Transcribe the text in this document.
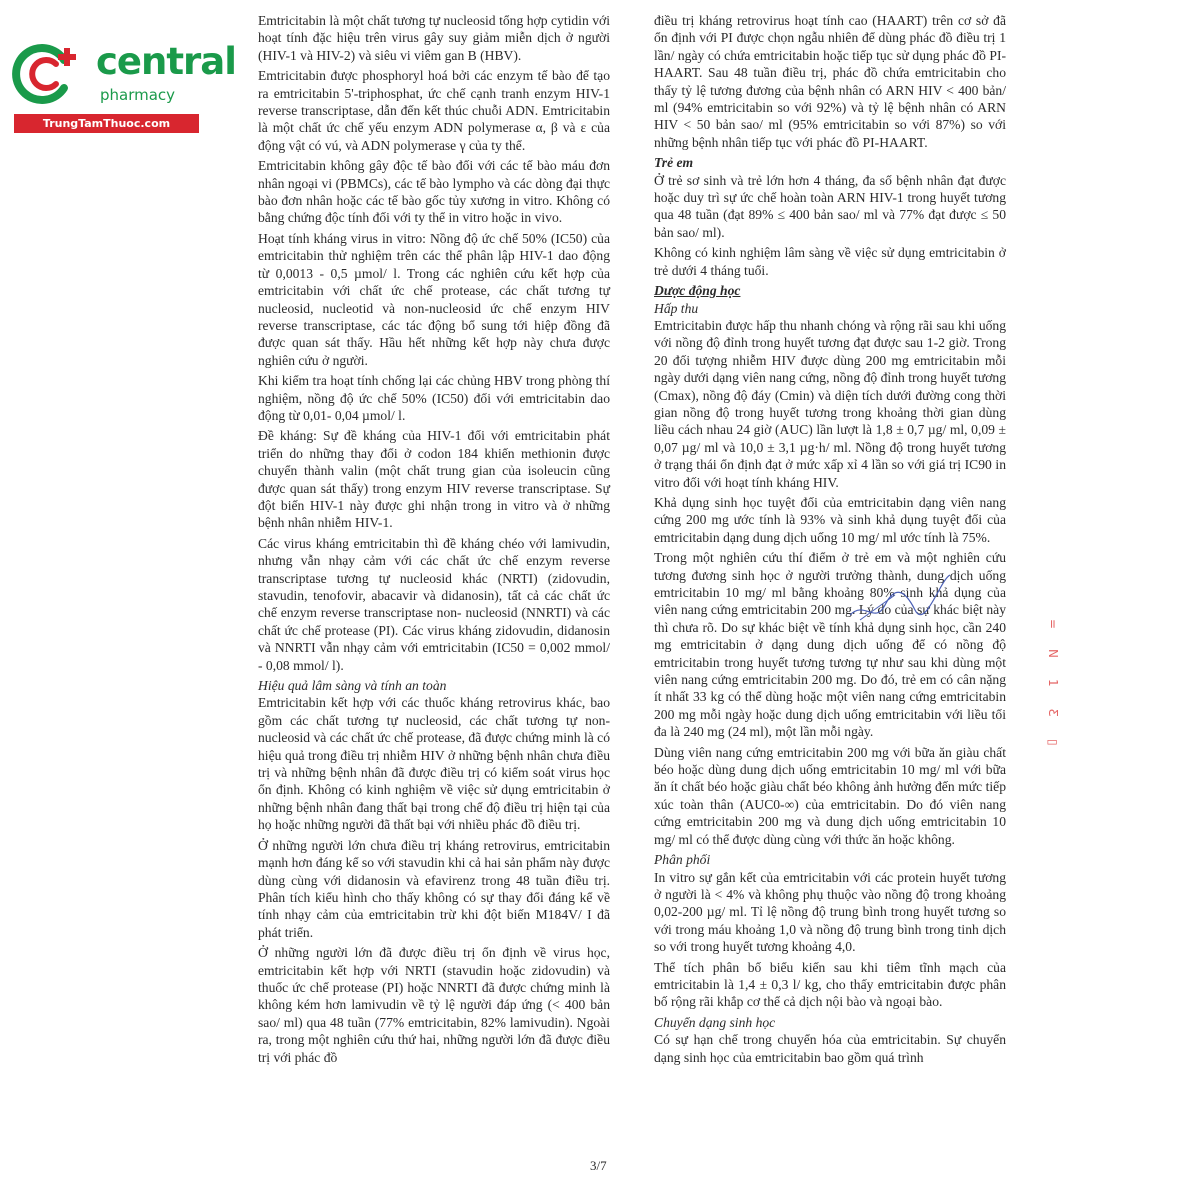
central
pharmacy
TrungTamThuoc.com

Emtricitabin là một chất tương tự nucleosid tổng hợp cytidin với hoạt tính đặc hiệu trên virus gây suy giảm miễn dịch ở người (HIV-1 và HIV-2) và siêu vi viêm gan B (HBV).

Emtricitabin được phosphoryl hoá bởi các enzym tế bào để tạo ra emtricitabin 5'-triphosphat, ức chế cạnh tranh enzym HIV-1 reverse transcriptase, dẫn đến kết thúc chuỗi ADN. Emtricitabin là một chất ức chế yếu enzym ADN polymerase α, β và ε của động vật có vú, và ADN polymerase γ của ty thể.

Emtricitabin không gây độc tế bào đối với các tế bào máu đơn nhân ngoại vi (PBMCs), các tế bào lympho và các dòng đại thực bào đơn nhân hoặc các tế bào gốc tủy xương in vitro. Không có bằng chứng độc tính đối với ty thể in vitro hoặc in vivo.

Hoạt tính kháng virus in vitro: Nồng độ ức chế 50% (IC50) của emtricitabin thử nghiệm trên các thể phân lập HIV-1 dao động từ 0,0013 - 0,5 µmol/ l. Trong các nghiên cứu kết hợp của emtricitabin với chất ức chế protease, các chất tương tự nucleosid, nucleotid và non-nucleosid ức chế enzym HIV reverse transcriptase, các tác động bổ sung tới hiệp đồng đã được quan sát thấy. Hầu hết những kết hợp này chưa được nghiên cứu ở người.

Khi kiểm tra hoạt tính chống lại các chủng HBV trong phòng thí nghiệm, nồng độ ức chế 50% (IC50) đối với emtricitabin dao động từ 0,01- 0,04 µmol/ l.

Đề kháng: Sự đề kháng của HIV-1 đối với emtricitabin phát triển do những thay đổi ở codon 184 khiến methionin được chuyển thành valin (một chất trung gian của isoleucin cũng được quan sát thấy) trong enzym HIV reverse transcriptase. Sự đột biến HIV-1 này được ghi nhận trong in vitro và ở những bệnh nhân nhiễm HIV-1.

Các virus kháng emtricitabin thì đề kháng chéo với lamivudin, nhưng vẫn nhạy cảm với các chất ức chế enzym reverse transcriptase tương tự nucleosid khác (NRTI) (zidovudin, stavudin, tenofovir, abacavir và didanosin), tất cả các chất ức chế enzym reverse transcriptase non- nucleosid (NNRTI) và các chất ức chế protease (PI). Các virus kháng zidovudin, didanosin và NNRTI vẫn nhạy cảm với emtricitabin (IC50 = 0,002 mmol/ - 0,08 mmol/ l).

Hiệu quả lâm sàng và tính an toàn

Emtricitabin kết hợp với các thuốc kháng retrovirus khác, bao gồm các chất tương tự nucleosid, các chất tương tự non-nucleosid và các chất ức chế protease, đã được chứng minh là có hiệu quả trong điều trị nhiễm HIV ở những bệnh nhân chưa điều trị và những bệnh nhân đã được điều trị có kiểm soát virus học ổn định. Không có kinh nghiệm về việc sử dụng emtricitabin ở những bệnh nhân đang thất bại trong chế độ điều trị hiện tại của họ hoặc những người đã thất bại với nhiều phác đồ điều trị.

Ở những người lớn chưa điều trị kháng retrovirus, emtricitabin mạnh hơn đáng kể so với stavudin khi cả hai sản phẩm này được dùng cùng với didanosin và efavirenz trong 48 tuần điều trị. Phân tích kiểu hình cho thấy không có sự thay đổi đáng kể về tính nhạy cảm của emtricitabin trừ khi đột biến M184V/ I đã phát triển.

Ở những người lớn đã được điều trị ổn định về virus học, emtricitabin kết hợp với NRTI (stavudin hoặc zidovudin) và thuốc ức chế protease (PI) hoặc NNRTI đã được chứng minh là không kém hơn lamivudin về tỷ lệ người đáp ứng (< 400 bản sao/ ml) qua 48 tuần (77% emtricitabin, 82% lamivudin). Ngoài ra, trong một nghiên cứu thứ hai, những người lớn đã được điều trị với phác đồ

điều trị kháng retrovirus hoạt tính cao (HAART) trên cơ sở đã ổn định với PI được chọn ngẫu nhiên để dùng phác đồ điều trị 1 lần/ ngày có chứa emtricitabin hoặc tiếp tục sử dụng phác đồ PI-HAART. Sau 48 tuần điều trị, phác đồ chứa emtricitabin cho thấy tỷ lệ tương đương của bệnh nhân có ARN HIV < 400 bản/ ml (94% emtricitabin so với 92%) và tỷ lệ bệnh nhân có ARN HIV < 50 bản sao/ ml (95% emtricitabin so với 87%) so với những bệnh nhân tiếp tục với phác đồ PI-HAART.

Trẻ em

Ở trẻ sơ sinh và trẻ lớn hơn 4 tháng, đa số bệnh nhân đạt được hoặc duy trì sự ức chế hoàn toàn ARN HIV-1 trong huyết tương qua 48 tuần (đạt 89% ≤ 400 bản sao/ ml và 77% đạt được ≤ 50 bản sao/ ml).

Không có kinh nghiệm lâm sàng về việc sử dụng emtricitabin ở trẻ dưới 4 tháng tuổi.

Dược động học
Hấp thu

Emtricitabin được hấp thu nhanh chóng và rộng rãi sau khi uống với nồng độ đỉnh trong huyết tương đạt được sau 1-2 giờ. Trong 20 đối tượng nhiễm HIV được dùng 200 mg emtricitabin mỗi ngày dưới dạng viên nang cứng, nồng độ đỉnh trong huyết tương (Cmax), nồng độ đáy (Cmin) và diện tích dưới đường cong thời gian nồng độ trong huyết tương trong khoảng thời gian dùng liều cách nhau 24 giờ (AUC) lần lượt là 1,8 ± 0,7 µg/ ml, 0,09 ± 0,07 µg/ ml và 10,0 ± 3,1 µg·h/ ml. Nồng độ trong huyết tương ở trạng thái ổn định đạt ở mức xấp xỉ 4 lần so với giá trị IC90 in vitro đối với hoạt tính kháng HIV.

Khả dụng sinh học tuyệt đối của emtricitabin dạng viên nang cứng 200 mg ước tính là 93% và sinh khả dụng tuyệt đối của emtricitabin dạng dung dịch uống 10 mg/ ml ước tính là 75%.

Trong một nghiên cứu thí điểm ở trẻ em và một nghiên cứu tương đương sinh học ở người trưởng thành, dung dịch uống emtricitabin 10 mg/ ml bằng khoảng 80% sinh khả dụng của viên nang cứng emtricitabin 200 mg. Lý do của sự khác biệt này thì chưa rõ. Do sự khác biệt về tính khả dụng sinh học, cần 240 mg emtricitabin ở dạng dung dịch uống để có nồng độ emtricitabin trong huyết tương tương tự như sau khi dùng một viên nang cứng emtricitabin 200 mg. Do đó, trẻ em có cân nặng ít nhất 33 kg có thể dùng hoặc một viên nang cứng emtricitabin 200 mg mỗi ngày hoặc dung dịch uống emtricitabin với liều tối đa là 240 mg (24 ml), một lần mỗi ngày.

Dùng viên nang cứng emtricitabin 200 mg với bữa ăn giàu chất béo hoặc dùng dung dịch uống emtricitabin 10 mg/ ml với bữa ăn ít chất béo hoặc giàu chất béo không ảnh hưởng đến mức tiếp xúc toàn thân (AUC0-∞) của emtricitabin. Do đó viên nang cứng emtricitabin 200 mg và dung dịch uống emtricitabin 10 mg/ ml có thể được dùng cùng với thức ăn hoặc không.

Phân phối

In vitro sự gắn kết của emtricitabin với các protein huyết tương ở người là < 4% và không phụ thuộc vào nồng độ trong khoảng 0,02-200 µg/ ml. Tỉ lệ nồng độ trung bình trong huyết tương so với trong máu khoảng 1,0 và nồng độ trung bình trong tinh dịch so với trong huyết tương khoảng 4,0.

Thể tích phân bố biểu kiến sau khi tiêm tĩnh mạch của emtricitabin là 1,4 ± 0,3 l/ kg, cho thấy emtricitabin được phân bố rộng rãi khắp cơ thể cả dịch nội bào và ngoại bào.

Chuyển dạng sinh học

Có sự hạn chế trong chuyển hóa của emtricitabin. Sự chuyển dạng sinh học của emtricitabin bao gồm quá trình

=
N
1
Ƹ
▯
3/7
